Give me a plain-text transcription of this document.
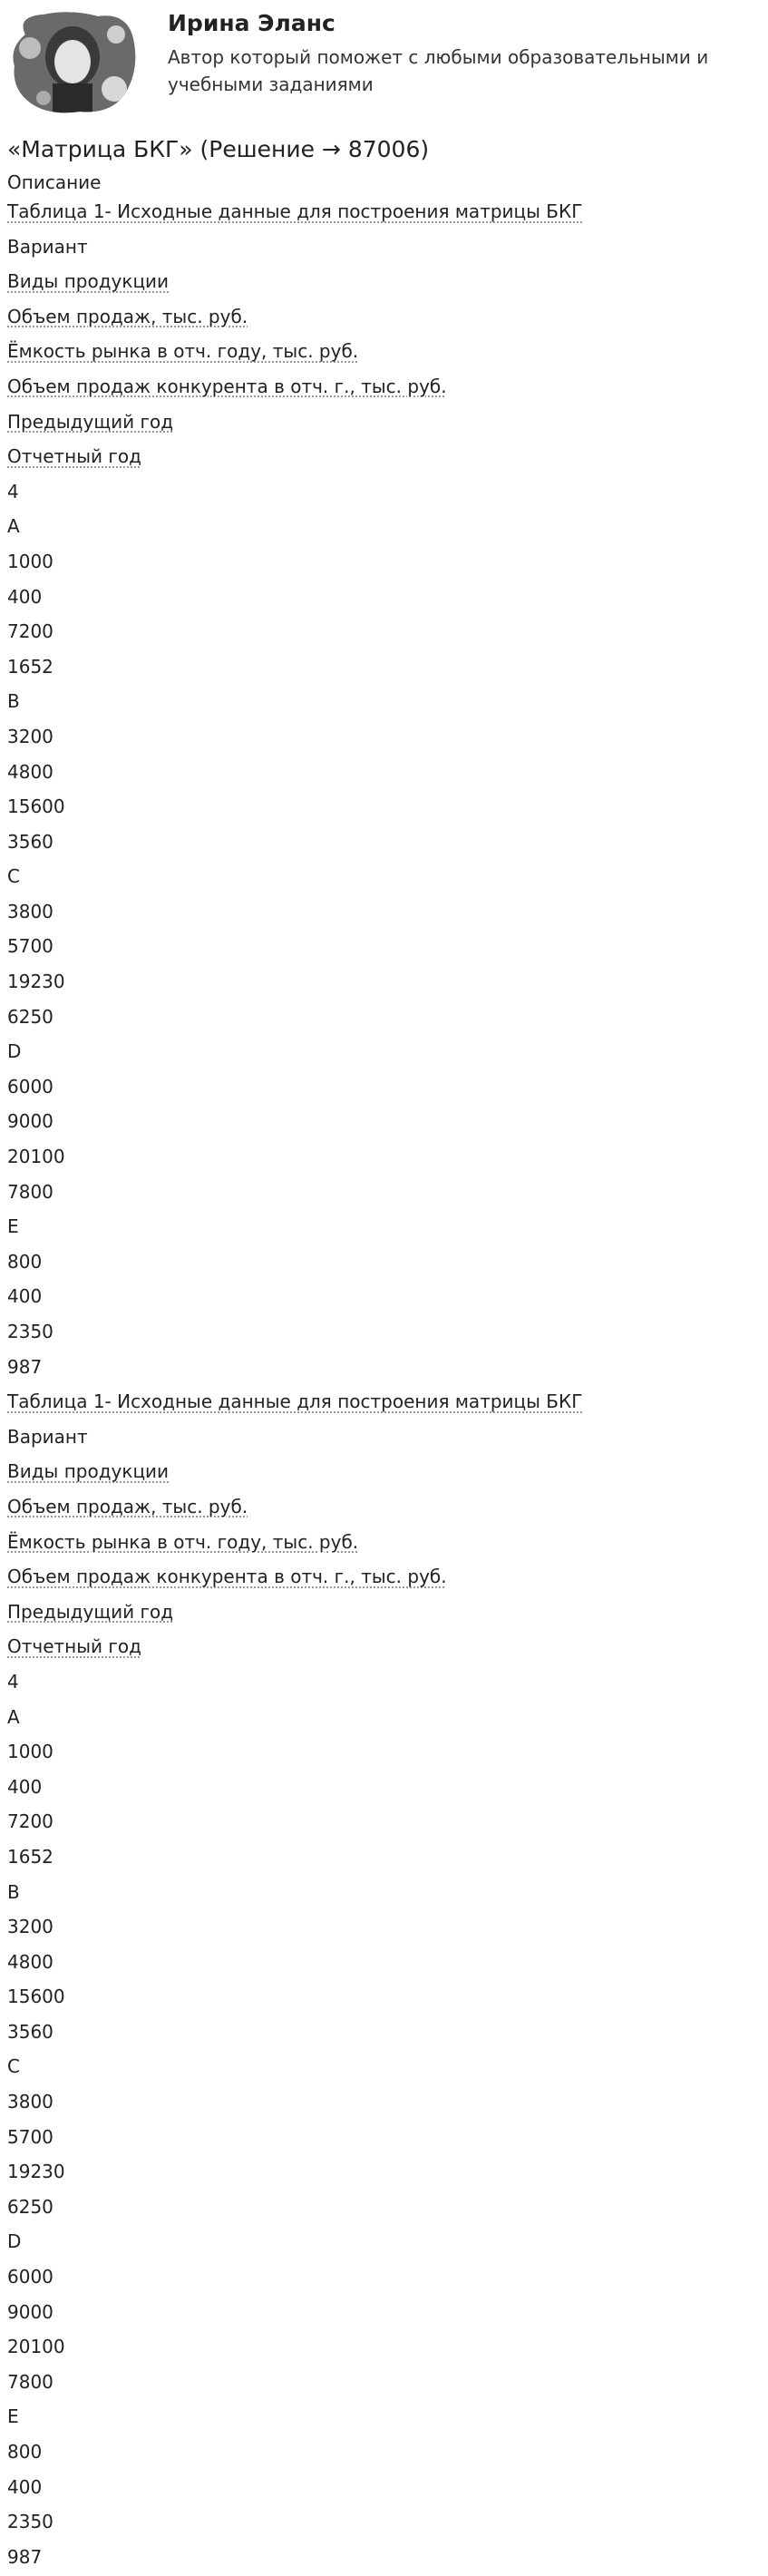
Ирина Эланс
Автор который поможет с любыми образовательными и учебными заданиями
«Матрица БКГ» (Решение → 87006)
Описание
Таблица 1- Исходные данные для построения матрицы БКГ
Вариант
Виды продукции
Объем продаж, тыс. руб.
Ёмкость рынка в отч. году, тыс. руб.
Объем продаж конкурента в отч. г., тыс. руб.
Предыдущий год
Отчетный год
4
A
1000
400
7200
1652
B
3200
4800
15600
3560
C
3800
5700
19230
6250
D
6000
9000
20100
7800
E
800
400
2350
987
Таблица 1- Исходные данные для построения матрицы БКГ
Вариант
Виды продукции
Объем продаж, тыс. руб.
Ёмкость рынка в отч. году, тыс. руб.
Объем продаж конкурента в отч. г., тыс. руб.
Предыдущий год
Отчетный год
4
A
1000
400
7200
1652
B
3200
4800
15600
3560
C
3800
5700
19230
6250
D
6000
9000
20100
7800
E
800
400
2350
987
